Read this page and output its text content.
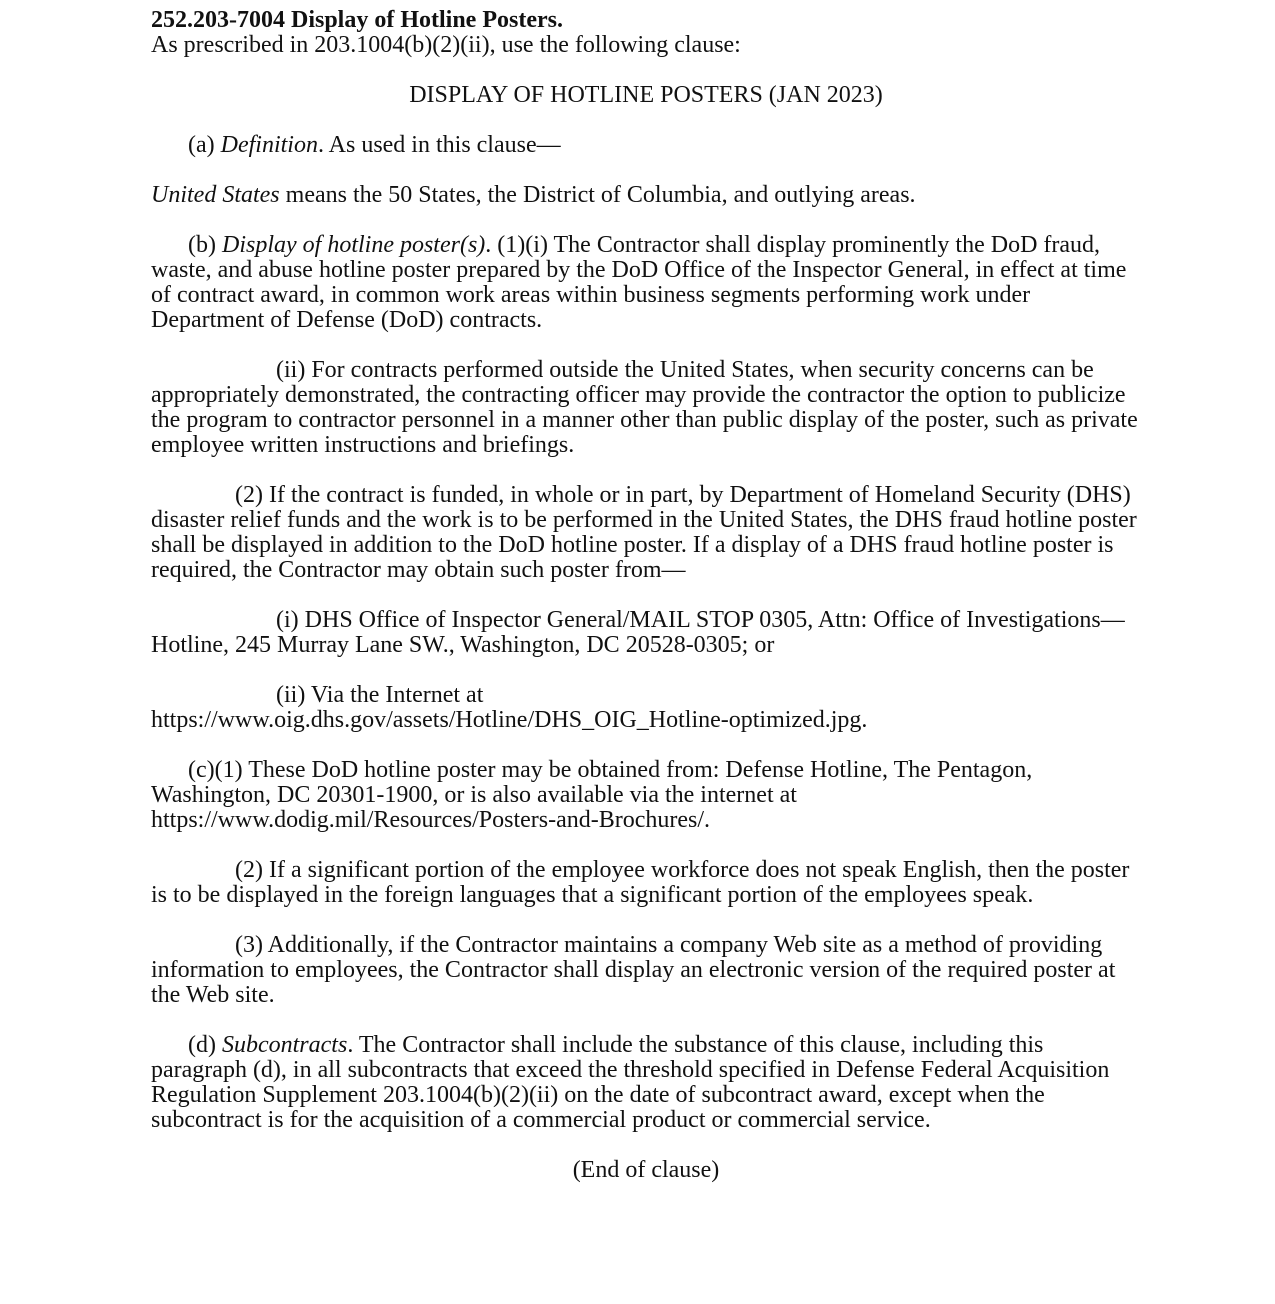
252.203-7004 Display of Hotline Posters.
As prescribed in 203.1004(b)(2)(ii), use the following clause:
DISPLAY OF HOTLINE POSTERS (JAN 2023)

(a) Definition. As used in this clause—

United States means the 50 States, the District of Columbia, and outlying areas.

(b) Display of hotline poster(s). (1)(i) The Contractor shall display prominently the DoD fraud, waste, and abuse hotline poster prepared by the DoD Office of the Inspector General, in effect at time of contract award, in common work areas within business segments performing work under Department of Defense (DoD) contracts.

(ii) For contracts performed outside the United States, when security concerns can be appropriately demonstrated, the contracting officer may provide the contractor the option to publicize the program to contractor personnel in a manner other than public display of the poster, such as private employee written instructions and briefings.

(2) If the contract is funded, in whole or in part, by Department of Homeland Security (DHS) disaster relief funds and the work is to be performed in the United States, the DHS fraud hotline poster shall be displayed in addition to the DoD hotline poster. If a display of a DHS fraud hotline poster is required, the Contractor may obtain such poster from—

(i) DHS Office of Inspector General/MAIL STOP 0305, Attn: Office of Investigations—Hotline, 245 Murray Lane SW., Washington, DC 20528-0305; or

(ii) Via the Internet at
https://www.oig.dhs.gov/assets/Hotline/DHS_OIG_Hotline-optimized.jpg.

(c)(1) These DoD hotline poster may be obtained from: Defense Hotline, The Pentagon, Washington, DC 20301-1900, or is also available via the internet at
https://www.dodig.mil/Resources/Posters-and-Brochures/.

(2) If a significant portion of the employee workforce does not speak English, then the poster is to be displayed in the foreign languages that a significant portion of the employees speak.

(3) Additionally, if the Contractor maintains a company Web site as a method of providing information to employees, the Contractor shall display an electronic version of the required poster at the Web site.

(d) Subcontracts. The Contractor shall include the substance of this clause, including this paragraph (d), in all subcontracts that exceed the threshold specified in Defense Federal Acquisition Regulation Supplement 203.1004(b)(2)(ii) on the date of subcontract award, except when the subcontract is for the acquisition of a commercial product or commercial service.

(End of clause)
